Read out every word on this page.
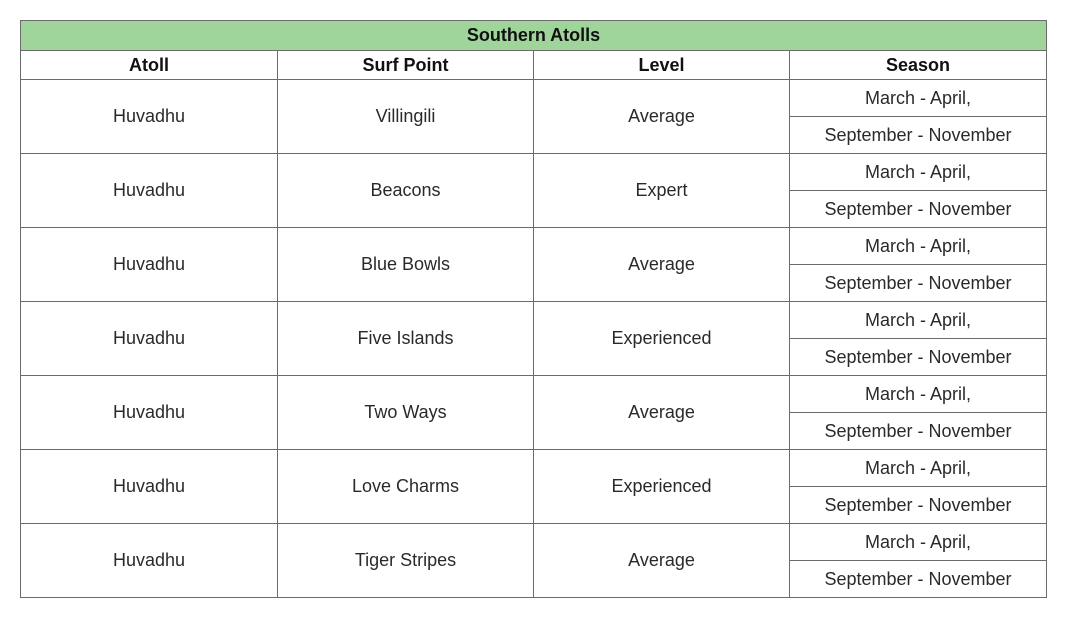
Southern Atolls			
Atoll	Surf Point	Level	Season
Huvadhu	Villingili	Average	March - April,
			September - November
Huvadhu	Beacons	Expert	March - April,
			September - November
Huvadhu	Blue Bowls	Average	March - April,
			September - November
Huvadhu	Five Islands	Experienced	March - April,
			September - November
Huvadhu	Two Ways	Average	March - April,
			September - November
Huvadhu	Love Charms	Experienced	March - April,
			September - November
Huvadhu	Tiger Stripes	Average	March - April,
			September - November
